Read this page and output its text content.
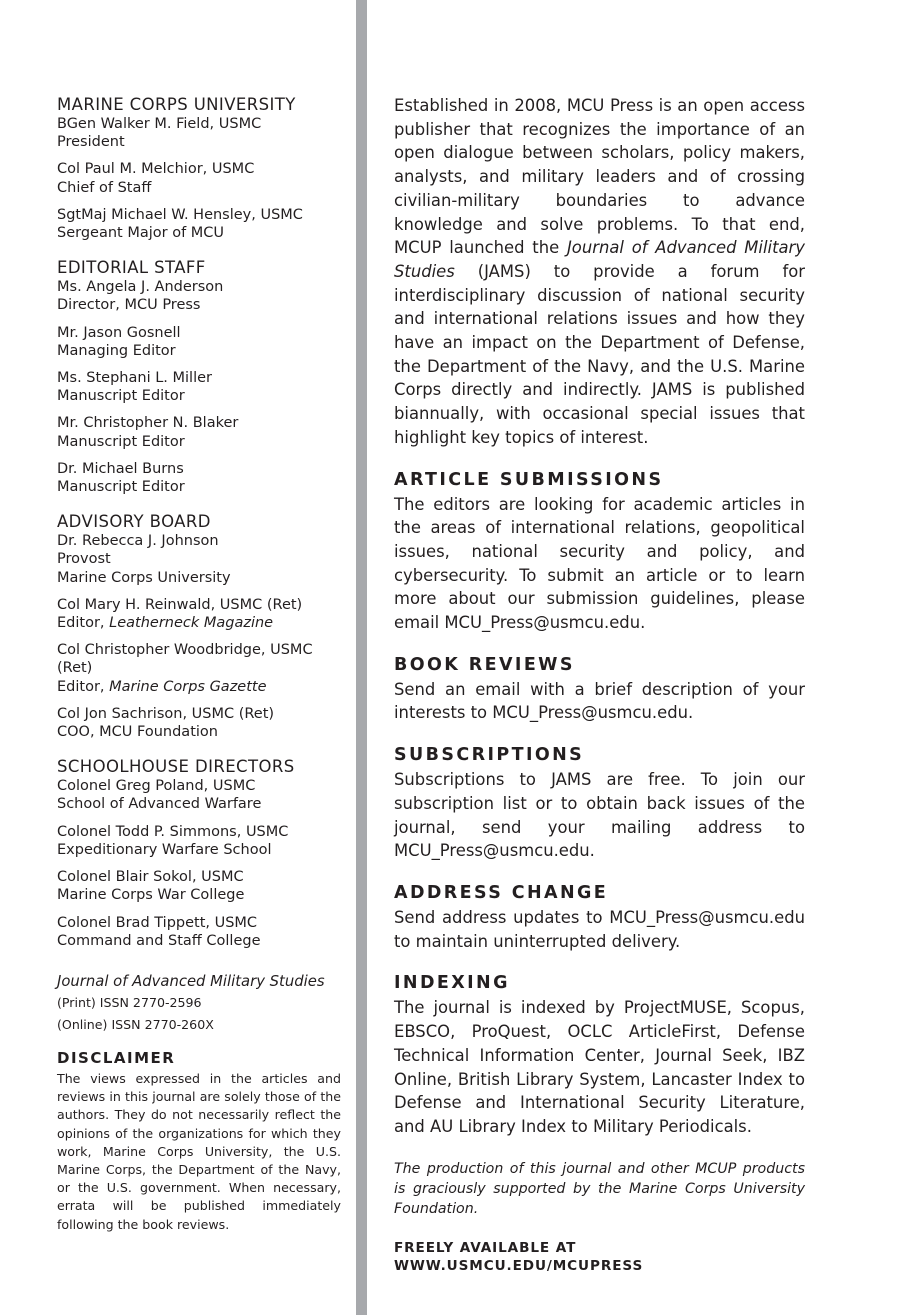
MARINE CORPS UNIVERSITY
BGen Walker M. Field, USMC
President
Col Paul M. Melchior, USMC
Chief of Staff
SgtMaj Michael W. Hensley, USMC
Sergeant Major of MCU
EDITORIAL STAFF
Ms. Angela J. Anderson
Director, MCU Press
Mr. Jason Gosnell
Managing Editor
Ms. Stephani L. Miller
Manuscript Editor
Mr. Christopher N. Blaker
Manuscript Editor
Dr. Michael Burns
Manuscript Editor
ADVISORY BOARD
Dr. Rebecca J. Johnson
Provost
Marine Corps University
Col Mary H. Reinwald, USMC (Ret)
Editor, Leatherneck Magazine
Col Christopher Woodbridge, USMC (Ret)
Editor, Marine Corps Gazette
Col Jon Sachrison, USMC (Ret)
COO, MCU Foundation
SCHOOLHOUSE DIRECTORS
Colonel Greg Poland, USMC
School of Advanced Warfare
Colonel Todd P. Simmons, USMC
Expeditionary Warfare School
Colonel Blair Sokol, USMC
Marine Corps War College
Colonel Brad Tippett, USMC
Command and Staff College
Journal of Advanced Military Studies
(Print) ISSN 2770-2596
(Online) ISSN 2770-260X
DISCLAIMER
The views expressed in the articles and reviews in this journal are solely those of the authors. They do not necessarily reflect the opinions of the organizations for which they work, Marine Corps University, the U.S. Marine Corps, the Department of the Navy, or the U.S. government. When necessary, errata will be published immediately following the book reviews.
Established in 2008, MCU Press is an open access publisher that recognizes the importance of an open dialogue between scholars, policy makers, analysts, and military leaders and of crossing civilian-military boundaries to advance knowledge and solve problems. To that end, MCUP launched the Journal of Advanced Military Studies (JAMS) to provide a forum for interdisciplinary discussion of national security and international relations issues and how they have an impact on the Department of Defense, the Department of the Navy, and the U.S. Marine Corps directly and indirectly. JAMS is published biannually, with occasional special issues that highlight key topics of interest.
ARTICLE SUBMISSIONS
The editors are looking for academic articles in the areas of international relations, geopolitical issues, national security and policy, and cybersecurity. To submit an article or to learn more about our submission guidelines, please email MCU_Press@usmcu.edu.
BOOK REVIEWS
Send an email with a brief description of your interests to MCU_Press@usmcu.edu.
SUBSCRIPTIONS
Subscriptions to JAMS are free. To join our subscription list or to obtain back issues of the journal, send your mailing address to MCU_Press@usmcu.edu.
ADDRESS CHANGE
Send address updates to MCU_Press@usmcu.edu to maintain uninterrupted delivery.
INDEXING
The journal is indexed by ProjectMUSE, Scopus, EBSCO, ProQuest, OCLC ArticleFirst, Defense Technical Information Center, Journal Seek, IBZ Online, British Library System, Lancaster Index to Defense and International Security Literature, and AU Library Index to Military Periodicals.
The production of this journal and other MCUP products is graciously supported by the Marine Corps University Foundation.
FREELY AVAILABLE AT WWW.USMCU.EDU/MCUPRESS
